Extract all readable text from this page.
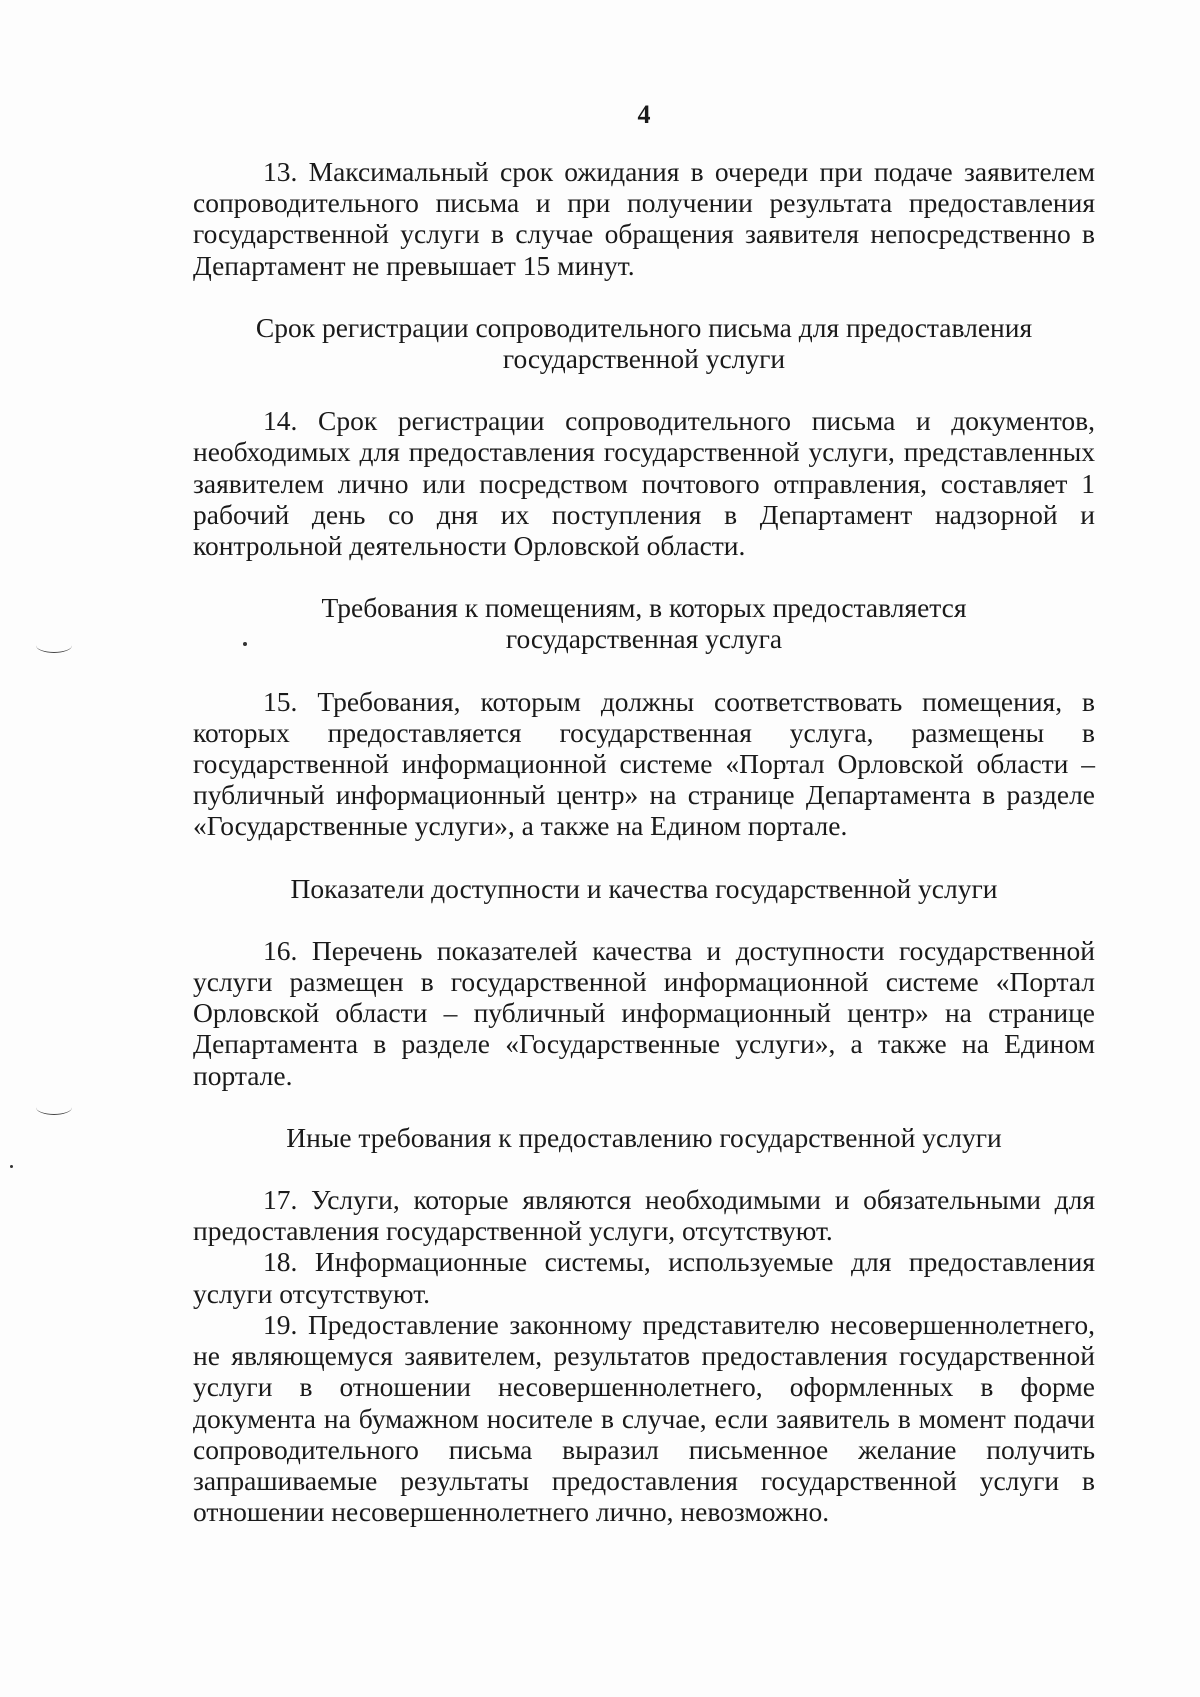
4

13. Максимальный срок ожидания в очереди при подаче заявителем сопроводительного письма и при получении результата предоставления государственной услуги в случае обращения заявителя непосредственно в Департамент не превышает 15 минут.

Срок регистрации сопроводительного письма для предоставления
государственной услуги

14. Срок регистрации сопроводительного письма и документов, необходимых для предоставления государственной услуги, представленных заявителем лично или посредством почтового отправления, составляет 1 рабочий день со дня их поступления в Департамент надзорной и контрольной деятельности Орловской области.

Требования к помещениям, в которых предоставляется
государственная услуга

15. Требования, которым должны соответствовать помещения, в которых предоставляется государственная услуга, размещены в государственной информационной системе «Портал Орловской области – публичный информационный центр» на странице Департамента в разделе «Государственные услуги», а также на Едином портале.

Показатели доступности и качества государственной услуги

16. Перечень показателей качества и доступности государственной услуги размещен в государственной информационной системе «Портал Орловской области – публичный информационный центр» на странице Департамента в разделе «Государственные услуги», а также на Едином портале.

Иные требования к предоставлению государственной услуги

17. Услуги, которые являются необходимыми и обязательными для предоставления государственной услуги, отсутствуют.

18. Информационные системы, используемые для предоставления услуги отсутствуют.

19. Предоставление законному представителю несовершеннолетнего, не являющемуся заявителем, результатов предоставления государственной услуги в отношении несовершеннолетнего, оформленных в форме документа на бумажном носителе в случае, если заявитель в момент подачи сопроводительного письма выразил письменное желание получить запрашиваемые результаты предоставления государственной услуги в отношении несовершеннолетнего лично, невозможно.
